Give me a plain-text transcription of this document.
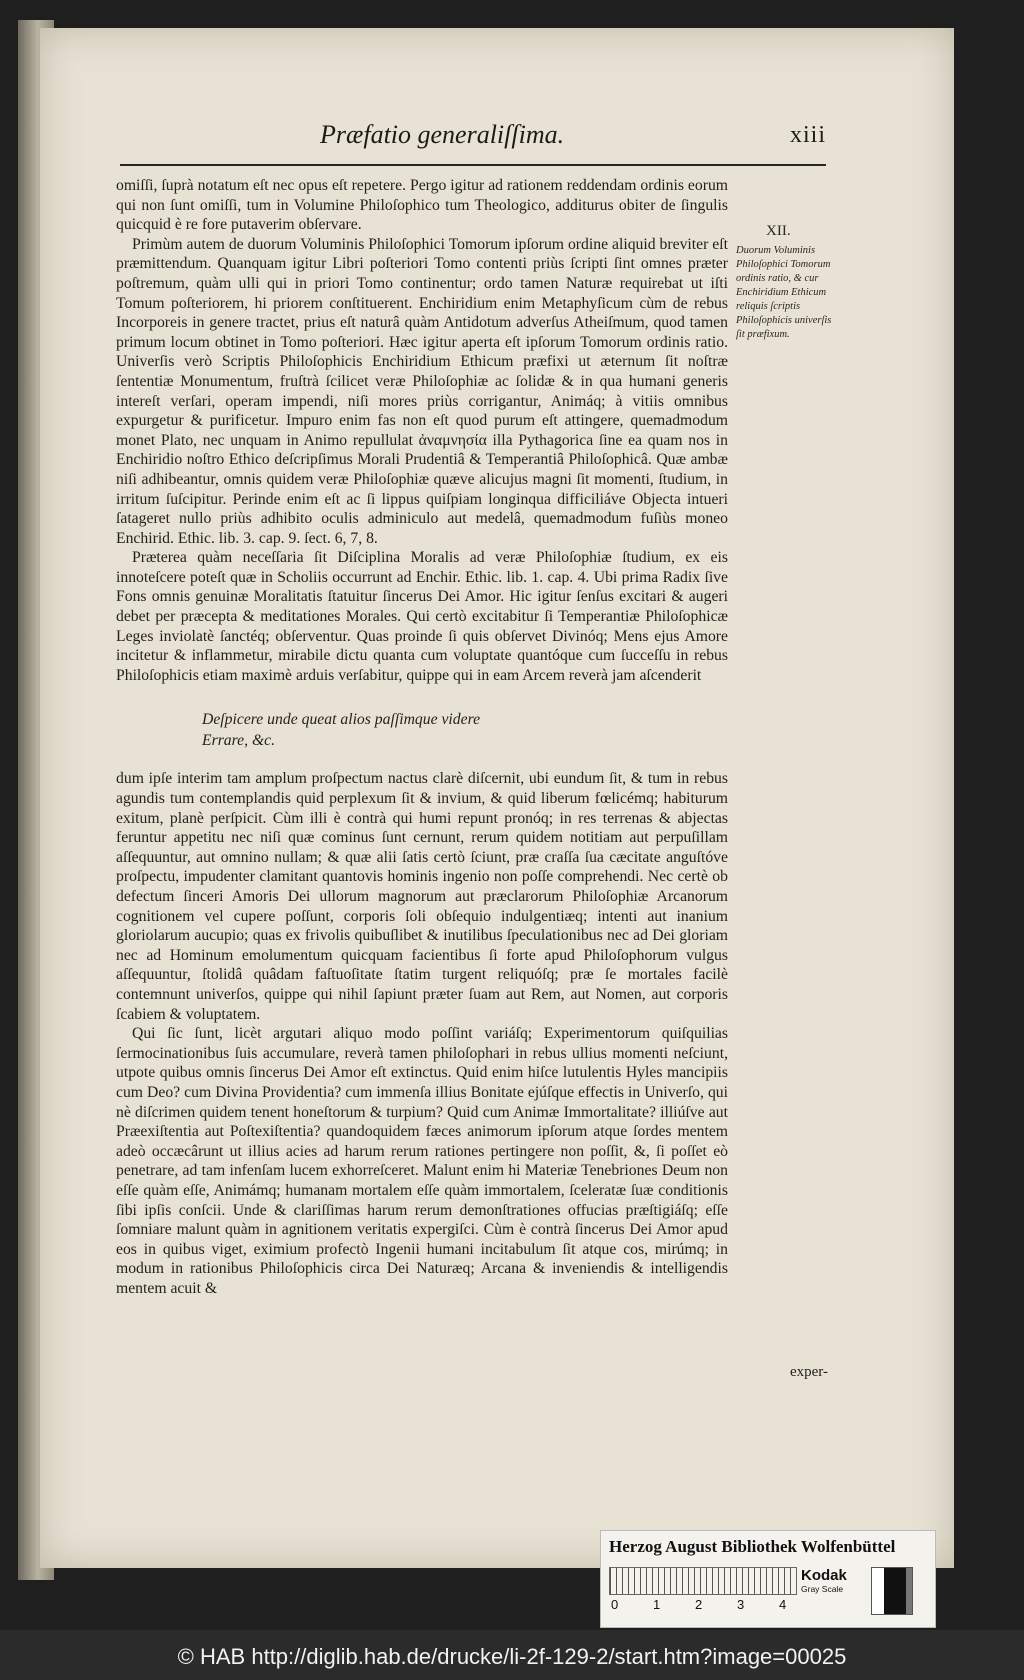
Præfatio generaliſſima.	xiii

omiſſi, ſuprà notatum eſt nec opus eſt repetere. Pergo igitur ad rationem reddendam ordinis eorum qui non ſunt omiſſi, tum in Volumine Philoſophico tum Theologico, additurus obiter de ſingulis quicquid è re fore putaverim obſervare.

Primùm autem de duorum Voluminis Philoſophici Tomorum ipſorum ordine aliquid breviter eſt præmittendum. Quanquam igitur Libri poſteriori Tomo contenti priùs ſcripti ſint omnes præter poſtremum, quàm ulli qui in priori Tomo continentur; ordo tamen Naturæ requirebat ut iſti Tomum poſteriorem, hi priorem conſtituerent. Enchiridium enim Metaphyſicum cùm de rebus Incorporeis in genere tractet, prius eſt naturâ quàm Antidotum adverſus Atheiſmum, quod tamen primum locum obtinet in Tomo poſteriori. Hæc igitur aperta eſt ipſorum Tomorum ordinis ratio. Univerſis verò Scriptis Philoſophicis Enchiridium Ethicum præfixi ut æternum ſit noſtræ ſententiæ Monumentum, fruſtrà ſcilicet veræ Philoſophiæ ac ſolidæ & in qua humani generis intereſt verſari, operam impendi, niſi mores priùs corrigantur, Animáq; à vitiis omnibus expurgetur & purificetur. Impuro enim fas non eſt quod purum eſt attingere, quemadmodum monet Plato, nec unquam in Animo repullulat ἀναμνησία illa Pythagorica ſine ea quam nos in Enchiridio noſtro Ethico deſcripſimus Morali Prudentiâ & Temperantiâ Philoſophicâ. Quæ ambæ niſi adhibeantur, omnis quidem veræ Philoſophiæ quæve alicujus magni ſit momenti, ſtudium, in irritum ſuſcipitur. Perinde enim eſt ac ſi lippus quiſpiam longinqua difficiliáve Objecta intueri ſatageret nullo priùs adhibito oculis adminiculo aut medelâ, quemadmodum fuſiùs moneo Enchirid. Ethic. lib. 3. cap. 9. ſect. 6, 7, 8.

Præterea quàm neceſſaria ſit Diſciplina Moralis ad veræ Philoſophiæ ſtudium, ex eis innoteſcere poteſt quæ in Scholiis occurrunt ad Enchir. Ethic. lib. 1. cap. 4. Ubi prima Radix ſive Fons omnis genuinæ Moralitatis ſtatuitur ſincerus Dei Amor. Hic igitur ſenſus excitari & augeri debet per præcepta & meditationes Morales. Qui certò excitabitur ſi Temperantiæ Philoſophicæ Leges inviolatè ſanctéq; obſerventur. Quas proinde ſi quis obſervet Divinóq; Mens ejus Amore incitetur & inflammetur, mirabile dictu quanta cum voluptate quantóque cum ſucceſſu in rebus Philoſophicis etiam maximè arduis verſabitur, quippe qui in eam Arcem reverà jam aſcenderit

Deſpicere unde queat alios paſſimque videre
Errare, &c.

dum ipſe interim tam amplum proſpectum nactus clarè diſcernit, ubi eundum ſit, & tum in rebus agundis tum contemplandis quid perplexum ſit & invium, & quid liberum fœlicémq; habiturum exitum, planè perſpicit. Cùm illi è contrà qui humi repunt pronóq; in res terrenas & abjectas feruntur appetitu nec niſi quæ cominus ſunt cernunt, rerum quidem notitiam aut perpuſillam aſſequuntur, aut omnino nullam; & quæ alii ſatis certò ſciunt, præ craſſa ſua cæcitate anguſtóve proſpectu, impudenter clamitant quantovis hominis ingenio non poſſe comprehendi. Nec certè ob defectum ſinceri Amoris Dei ullorum magnorum aut præclarorum Philoſophiæ Arcanorum cognitionem vel cupere poſſunt, corporis ſoli obſequio indulgentiæq; intenti aut inanium gloriolarum aucupio; quas ex frivolis quibuſlibet & inutilibus ſpeculationibus nec ad Dei gloriam nec ad Hominum emolumentum quicquam facientibus ſi forte apud Philoſophorum vulgus aſſequuntur, ſtolidâ quâdam faſtuoſitate ſtatim turgent reliquóſq; præ ſe mortales facilè contemnunt univerſos, quippe qui nihil ſapiunt præter ſuam aut Rem, aut Nomen, aut corporis ſcabiem & voluptatem.

Qui ſic ſunt, licèt argutari aliquo modo poſſint variáſq; Experimentorum quiſquilias ſermocinationibus ſuis accumulare, reverà tamen philoſophari in rebus ullius momenti neſciunt, utpote quibus omnis ſincerus Dei Amor eſt extinctus. Quid enim hiſce lutulentis Hyles mancipiis cum Deo? cum Divina Providentia? cum immenſa illius Bonitate ejúſque effectis in Univerſo, qui nè diſcrimen quidem tenent honeſtorum & turpium? Quid cum Animæ Immortalitate? illiúſve aut Præexiſtentia aut Poſtexiſtentia? quandoquidem fæces animorum ipſorum atque ſordes mentem adeò occæcârunt ut illius acies ad harum rerum rationes pertingere non poſſit, &, ſi poſſet eò penetrare, ad tam infenſam lucem exhorreſceret. Malunt enim hi Materiæ Tenebriones Deum non eſſe quàm eſſe, Animámq; humanam mortalem eſſe quàm immortalem, ſceleratæ ſuæ conditionis ſibi ipſis conſcii. Unde & clariſſimas harum rerum demonſtrationes offucias præſtigiáſq; eſſe ſomniare malunt quàm in agnitionem veritatis expergiſci. Cùm è contrà ſincerus Dei Amor apud eos in quibus viget, eximium profectò Ingenii humani incitabulum ſit atque cos, mirúmq; in modum in rationibus Philoſophicis circa Dei Naturæq; Arcana & inveniendis & intelligendis mentem acuit &

XII.
Duorum Voluminis Philoſophici Tomorum ordinis ratio, & cur Enchiridium Ethicum reliquis ſcriptis Philoſophicis univerſis ſit præfixum.
exper-
Herzog August Bibliothek Wolfenbüttel
0	1	2	3	4
Kodak
Gray Scale
© HAB http://diglib.hab.de/drucke/li-2f-129-2/start.htm?image=00025
